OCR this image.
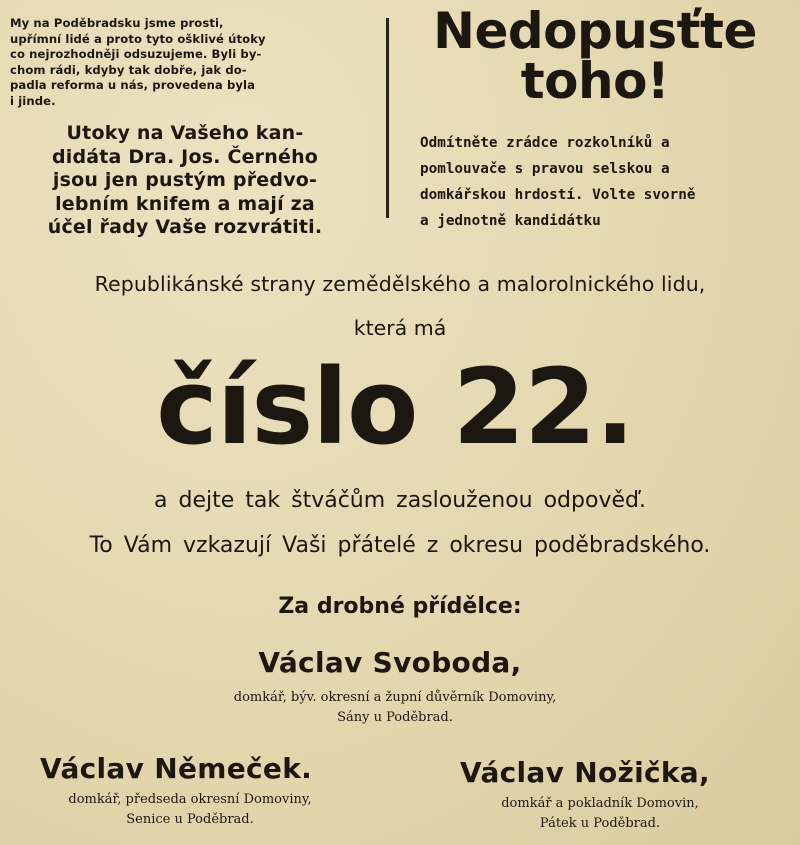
My na Poděbradsku jsme prosti,
upřímní lidé a proto tyto ošklivé útoky
co nejrozhodněji odsuzujeme. Byli by-
chom rádi, kdyby tak dobře, jak do-
padla reforma u nás, provedena byla
i jinde.
Utoky na Vašeho kan-
didáta Dra. Jos. Černého
jsou jen pustým předvo-
lebním knifem a mají za
účel řady Vaše rozvrátiti.
Nedopusťte
toho!
Odmítněte zrádce rozkolníků a
pomlouvače s pravou selskou a
domkářskou hrdostí. Volte svorně
a jednotně kandidátku
Republikánské strany zemědělského a malorolnického lidu,
která má
číslo 22.
a dejte tak štváčům zaslouženou odpověď.
To Vám vzkazují Vaši přátelé z okresu poděbradského.
Za drobné přídělce:
Václav Svoboda,
domkář, býv. okresní a župní důvěrník Domoviny,
Sány u Poděbrad.
Václav Němeček.
domkář, předseda okresní Domoviny,
Senice u Poděbrad.
Václav Nožička,
domkář a pokladník Domovin,
Pátek u Poděbrad.
